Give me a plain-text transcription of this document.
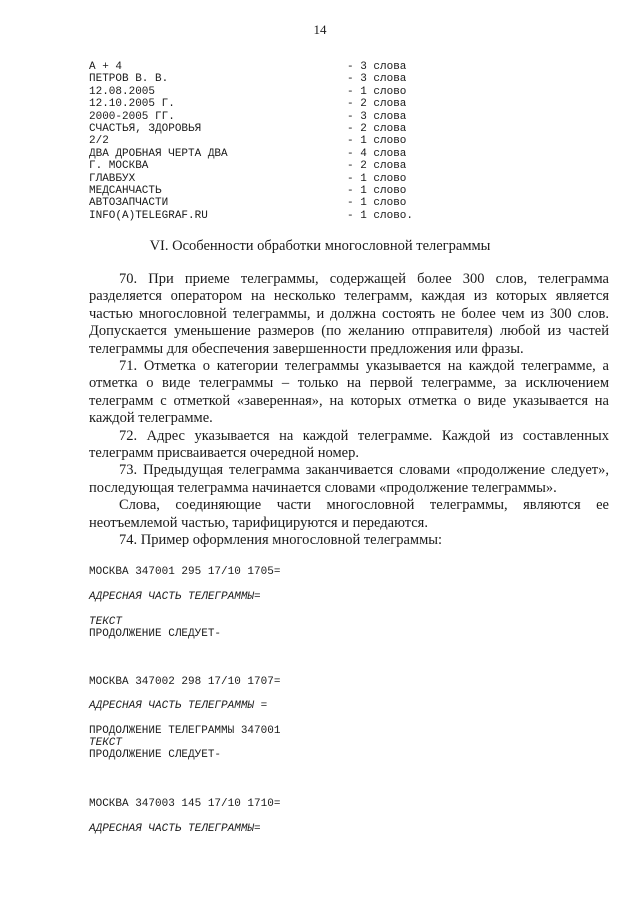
14
А + 4	- 3 слова
ПЕТРОВ В. В.	- 3 слова
12.08.2005	- 1 слово
12.10.2005 Г.	- 2 слова
2000-2005 ГГ.	- 3 слова
СЧАСТЬЯ, ЗДОРОВЬЯ	- 2 слова
2/2	- 1 слово
ДВА ДРОБНАЯ ЧЕРТА ДВА	- 4 слова
Г. МОСКВА	- 2 слова
ГЛАВБУХ	- 1 слово
МЕДСАНЧАСТЬ	- 1 слово
АВТОЗАПЧАСТИ	- 1 слово
INFO(A)TELEGRAF.RU	- 1 слово.
VI. Особенности обработки многословной телеграммы

70. При приеме телеграммы, содержащей более 300 слов, телеграмма разделяется оператором на несколько телеграмм, каждая из которых является частью многословной телеграммы, и должна состоять не более чем из 300 слов. Допускается уменьшение размеров (по желанию отправителя) любой из частей телеграммы для обеспечения завершенности предложения или фразы.

71. Отметка о категории телеграммы указывается на каждой телеграмме, а отметка о виде телеграммы – только на первой телеграмме, за исключением телеграмм с отметкой «заверенная», на которых отметка о виде указывается на каждой телеграмме.

72. Адрес указывается на каждой телеграмме. Каждой из составленных телеграмм присваивается очередной номер.

73. Предыдущая телеграмма заканчивается словами «продолжение следует», последующая телеграмма начинается словами «продолжение телеграммы».

Слова, соединяющие части многословной телеграммы, являются ее неотъемлемой частью, тарифицируются и передаются.

74. Пример оформления многословной телеграммы:

МОСКВА 347001 295 17/10 1705=
АДРЕСНАЯ ЧАСТЬ ТЕЛЕГРАММЫ=
ТЕКСТ
ПРОДОЛЖЕНИЕ СЛЕДУЕТ-
МОСКВА 347002 298 17/10 1707=
АДРЕСНАЯ ЧАСТЬ ТЕЛЕГРАММЫ =
ПРОДОЛЖЕНИЕ ТЕЛЕГРАММЫ 347001
ТЕКСТ
ПРОДОЛЖЕНИЕ СЛЕДУЕТ-
МОСКВА 347003 145 17/10 1710=
АДРЕСНАЯ ЧАСТЬ ТЕЛЕГРАММЫ=
